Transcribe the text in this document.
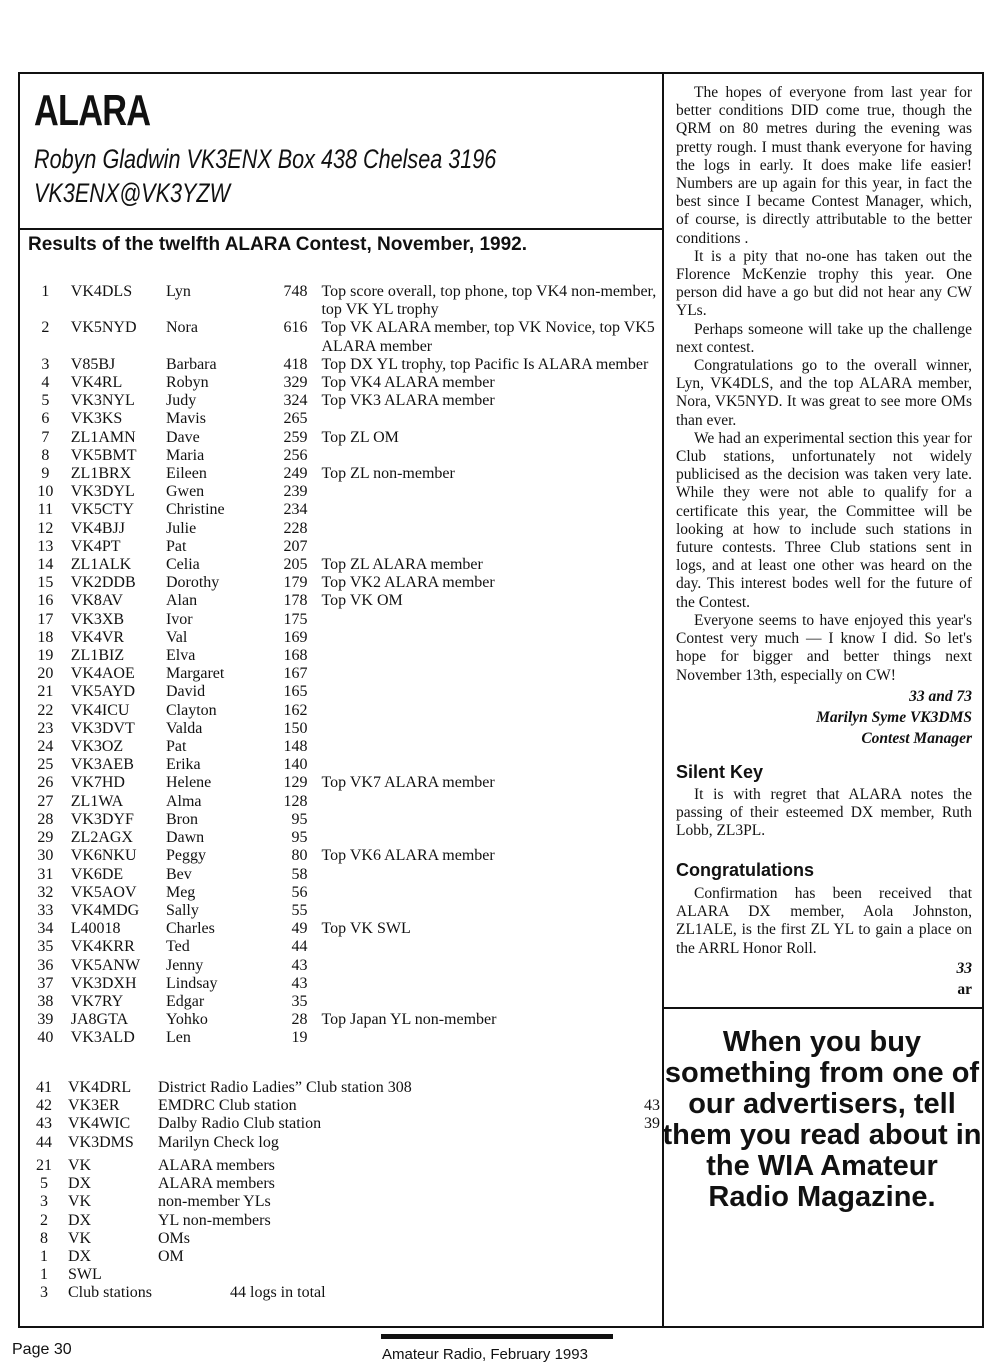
ALARA
Robyn Gladwin VK3ENX Box 438 Chelsea 3196
VK3ENX@VK3YZW
Results of the twelfth ALARA Contest, November, 1992.
1	VK4DLS	Lyn	748	Top score overall, top phone, top VK4 non-member, top VK YL trophy
2	VK5NYD	Nora	616	Top VK ALARA member, top VK Novice, top VK5 ALARA member
3	V85BJ	Barbara	418	Top DX YL trophy, top Pacific Is ALARA member
4	VK4RL	Robyn	329	Top VK4 ALARA member
5	VK3NYL	Judy	324	Top VK3 ALARA member
6	VK3KS	Mavis	265	
7	ZL1AMN	Dave	259	Top ZL OM
8	VK5BMT	Maria	256	
9	ZL1BRX	Eileen	249	Top ZL non-member
10	VK3DYL	Gwen	239	
11	VK5CTY	Christine	234	
12	VK4BJJ	Julie	228	
13	VK4PT	Pat	207	
14	ZL1ALK	Celia	205	Top ZL ALARA member
15	VK2DDB	Dorothy	179	Top VK2 ALARA member
16	VK8AV	Alan	178	Top VK OM
17	VK3XB	Ivor	175	
18	VK4VR	Val	169	
19	ZL1BIZ	Elva	168	
20	VK4AOE	Margaret	167	
21	VK5AYD	David	165	
22	VK4ICU	Clayton	162	
23	VK3DVT	Valda	150	
24	VK3OZ	Pat	148	
25	VK3AEB	Erika	140	
26	VK7HD	Helene	129	Top VK7 ALARA member
27	ZL1WA	Alma	128	
28	VK3DYF	Bron	95	
29	ZL2AGX	Dawn	95	
30	VK6NKU	Peggy	80	Top VK6 ALARA member
31	VK6DE	Bev	58	
32	VK5AOV	Meg	56	
33	VK4MDG	Sally	55	
34	L40018	Charles	49	Top VK SWL
35	VK4KRR	Ted	44	
36	VK5ANW	Jenny	43	
37	VK3DXH	Lindsay	43	
38	VK7RY	Edgar	35	
39	JA8GTA	Yohko	28	Top Japan YL non-member
40	VK3ALD	Len	19	
41	VK4DRL	District Radio Ladies” Club station 308	
42	VK3ER	EMDRC Club station	43
43	VK4WIC	Dalby Radio Club station	39
44	VK3DMS	Marilyn Check log	
21	VK	ALARA members
5	DX	ALARA members
3	VK	non-member YLs
2	DX	YL non-members
8	VK	OMs
1	DX	OM
1	SWL	
3	Club stations	44 logs in total

The hopes of everyone from last year for better conditions DID come true, though the QRM on 80 metres during the evening was pretty rough. I must thank everyone for having the logs in early. It does make life easier! Numbers are up again for this year, in fact the best since I became Contest Manager, which, of course, is directly attributable to the better conditions .

It is a pity that no-one has taken out the Florence McKenzie trophy this year. One person did have a go but did not hear any CW YLs.

Perhaps someone will take up the challenge next contest.

Congratulations go to the overall winner, Lyn, VK4DLS, and the top ALARA member, Nora, VK5NYD. It was great to see more OMs than ever.

We had an experimental section this year for Club stations, unfortunately not widely publicised as the decision was taken very late. While they were not able to qualify for a certificate this year, the Committee will be looking at how to include such stations in future contests. Three Club stations sent in logs, and at least one other was heard on the day. This interest bodes well for the future of the Contest.

Everyone seems to have enjoyed this year's Contest very much — I know I did. So let's hope for bigger and better things next November 13th, especially on CW!

33 and 73
Marilyn Syme VK3DMS
Contest Manager
Silent Key

It is with regret that ALARA notes the passing of their esteemed DX member, Ruth Lobb, ZL3PL.

Congratulations

Confirmation has been received that ALARA DX member, Aola Johnston, ZL1ALE, is the first ZL YL to gain a place on the ARRL Honor Roll.

33
ar

When you buy something from one of our advertisers, tell them you read about in the WIA Amateur Radio Magazine.

Page 30	Amateur Radio, February 1993
